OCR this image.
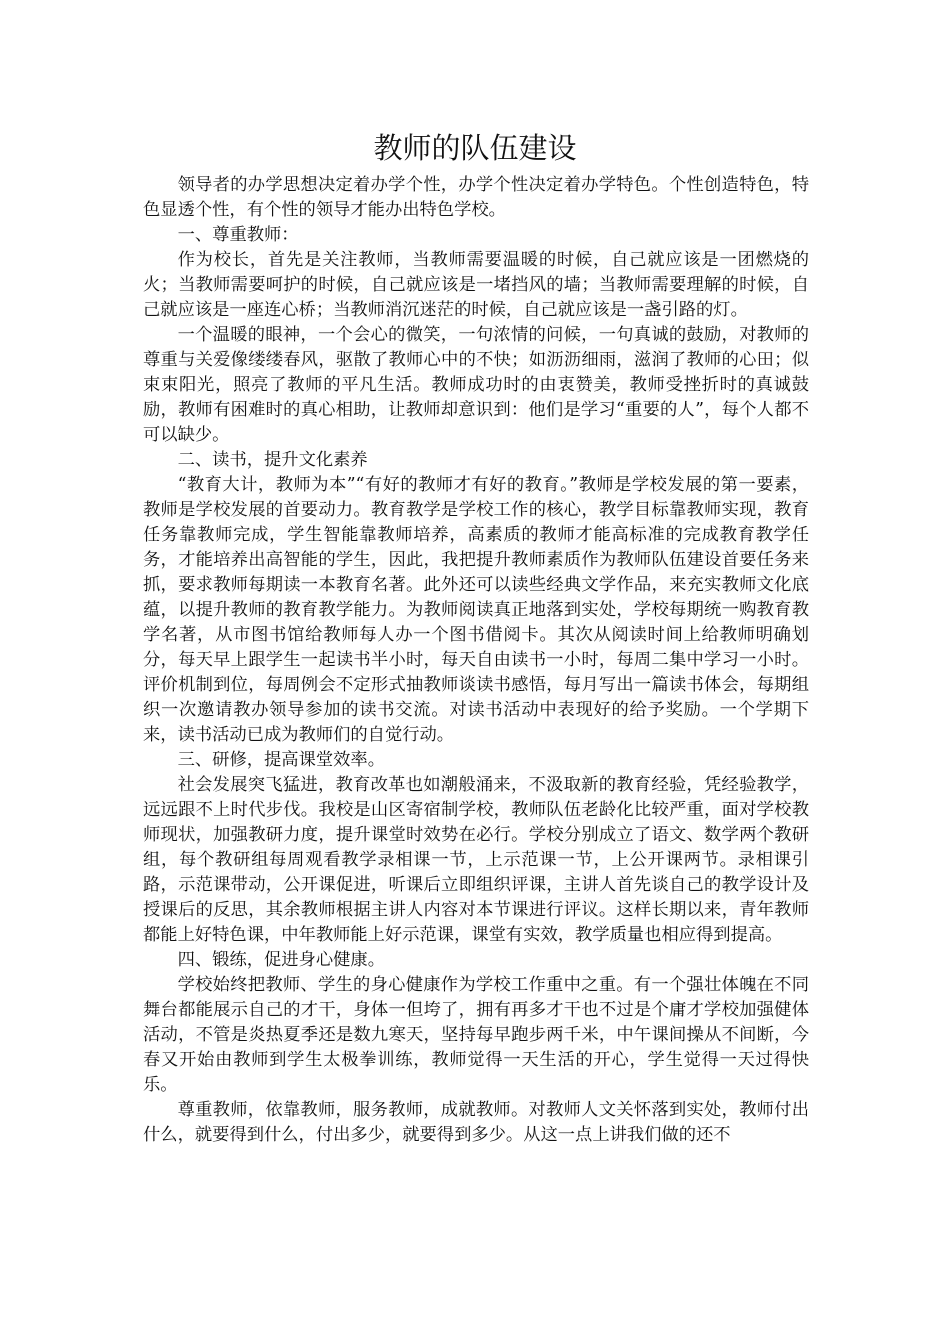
教师的队伍建设

领导者的办学思想决定着办学个性，办学个性决定着办学特色。个性创造特色，特色显透个性，有个性的领导才能办出特色学校。

一、尊重教师：

作为校长，首先是关注教师，当教师需要温暖的时候，自己就应该是一团燃烧的火；当教师需要呵护的时候，自己就应该是一堵挡风的墙；当教师需要理解的时候，自己就应该是一座连心桥；当教师消沉迷茫的时候，自己就应该是一盏引路的灯。

一个温暖的眼神，一个会心的微笑，一句浓情的问候，一句真诚的鼓励，对教师的尊重与关爱像缕缕春风，驱散了教师心中的不快；如沥沥细雨，滋润了教师的心田；似束束阳光，照亮了教师的平凡生活。教师成功时的由衷赞美，教师受挫折时的真诚鼓励，教师有困难时的真心相助，让教师却意识到：他们是学习“重要的人”，每个人都不可以缺少。

二、读书，提升文化素养

“教育大计，教师为本”“有好的教师才有好的教育。”教师是学校发展的第一要素，教师是学校发展的首要动力。教育教学是学校工作的核心，教学目标靠教师实现，教育任务靠教师完成，学生智能靠教师培养，高素质的教师才能高标准的完成教育教学任务，才能培养出高智能的学生，因此，我把提升教师素质作为教师队伍建设首要任务来抓，要求教师每期读一本教育名著。此外还可以读些经典文学作品，来充实教师文化底蕴，以提升教师的教育教学能力。为教师阅读真正地落到实处，学校每期统一购教育教学名著，从市图书馆给教师每人办一个图书借阅卡。其次从阅读时间上给教师明确划分，每天早上跟学生一起读书半小时，每天自由读书一小时，每周二集中学习一小时。评价机制到位，每周例会不定形式抽教师谈读书感悟，每月写出一篇读书体会，每期组织一次邀请教办领导参加的读书交流。对读书活动中表现好的给予奖励。一个学期下来，读书活动已成为教师们的自觉行动。

三、研修，提高课堂效率。

社会发展突飞猛进，教育改革也如潮般涌来，不汲取新的教育经验，凭经验教学，远远跟不上时代步伐。我校是山区寄宿制学校，教师队伍老龄化比较严重，面对学校教师现状，加强教研力度，提升课堂时效势在必行。学校分别成立了语文、数学两个教研组，每个教研组每周观看教学录相课一节，上示范课一节，上公开课两节。录相课引路，示范课带动，公开课促进，听课后立即组织评课，主讲人首先谈自己的教学设计及授课后的反思，其余教师根据主讲人内容对本节课进行评议。这样长期以来，青年教师都能上好特色课，中年教师能上好示范课，课堂有实效，教学质量也相应得到提高。

四、锻练，促进身心健康。

学校始终把教师、学生的身心健康作为学校工作重中之重。有一个强壮体魄在不同舞台都能展示自己的才干，身体一但垮了，拥有再多才干也不过是个庸才学校加强健体活动，不管是炎热夏季还是数九寒天，坚持每早跑步两千米，中午课间操从不间断，今春又开始由教师到学生太极拳训练，教师觉得一天生活的开心，学生觉得一天过得快乐。

尊重教师，依靠教师，服务教师，成就教师。对教师人文关怀落到实处，教师付出什么，就要得到什么，付出多少，就要得到多少。从这一点上讲我们做的还不
